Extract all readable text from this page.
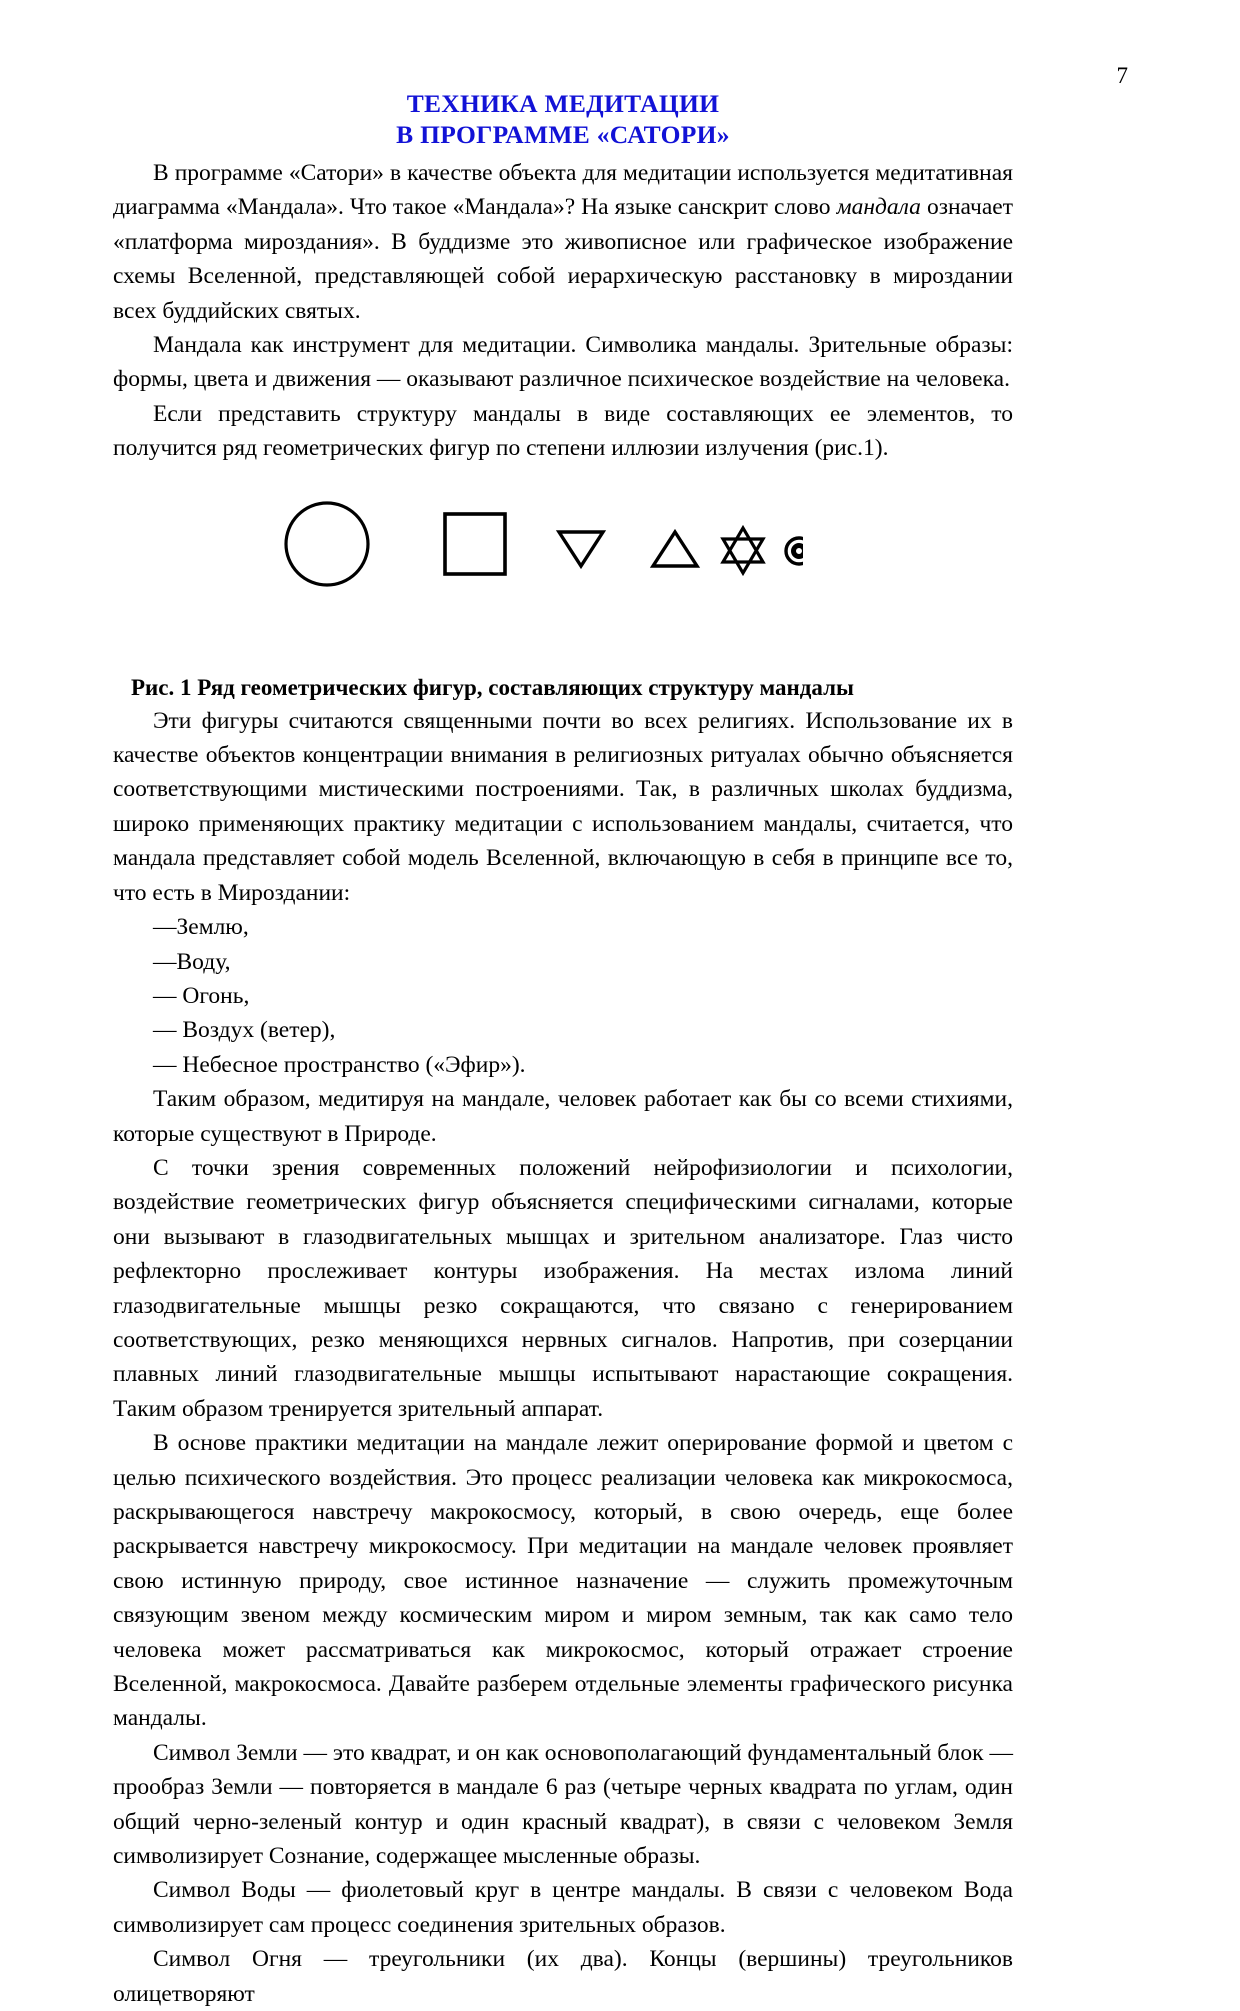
7
ТЕХНИКА МЕДИТАЦИИ
В ПРОГРАММЕ «САТОРИ»

В программе «Сатори» в качестве объекта для медитации используется медитативная диаграмма «Мандала». Что такое «Мандала»? На языке санскрит слово мандала означает «платформа мироздания». В буддизме это живописное или графическое изображение схемы Вселенной, представляющей собой иерархическую расстановку в мироздании всех буддийских святых.

Мандала как инструмент для медитации. Символика мандалы. Зрительные образы: формы, цвета и движения — оказывают различное психическое воздействие на человека.

Если представить структуру мандалы в виде составляющих ее элементов, то получится ряд геометрических фигур по степени иллюзии излучения (рис.1).

Рис. 1 Ряд геометрических фигур, составляющих структуру мандалы

Эти фигуры считаются священными почти во всех религиях. Использование их в качестве объектов концентрации внимания в религиозных ритуалах обычно объясняется соответствующими мистическими построениями. Так, в различных школах буддизма, широко применяющих практику медитации с использованием мандалы, считается, что мандала представляет собой модель Вселенной, включающую в себя в принципе все то, что есть в Мироздании:

—Землю,

—Воду,

— Огонь,

— Воздух (ветер),

— Небесное пространство («Эфир»).

Таким образом, медитируя на мандале, человек работает как бы со всеми стихиями, которые существуют в Природе.

С точки зрения современных положений нейрофизиологии и психологии, воздействие геометрических фигур объясняется специфическими сигналами, которые они вызывают в глазодвигательных мышцах и зрительном анализаторе. Глаз чисто рефлекторно прослеживает контуры изображения. На местах излома линий глазодвигательные мышцы резко сокращаются, что связано с генерированием соответствующих, резко меняющихся нервных сигналов. Напротив, при созерцании плавных линий глазодвигательные мышцы испытывают нарастающие сокращения. Таким образом тренируется зрительный аппарат.

В основе практики медитации на мандале лежит оперирование формой и цветом с целью психического воздействия. Это процесс реализации человека как микрокосмоса, раскрывающегося навстречу макрокосмосу, который, в свою очередь, еще более раскрывается навстречу микрокосмосу. При медитации на мандале человек проявляет свою истинную природу, свое истинное назначение — служить промежуточным связующим звеном между космическим миром и миром земным, так как само тело человека может рассматриваться как микрокосмос, который отражает строение Вселенной, макрокосмоса. Давайте разберем отдельные элементы графического рисунка мандалы.

Символ Земли — это квадрат, и он как основополагающий фундаментальный блок — прообраз Земли — повторяется в мандале 6 раз (четыре черных квадрата по углам, один общий черно-зеленый контур и один красный квадрат), в связи с человеком Земля символизирует Сознание, содержащее мысленные образы.

Символ Воды — фиолетовый круг в центре мандалы. В связи с человеком Вода символизирует сам процесс соединения зрительных образов.

Символ Огня — треугольники (их два). Концы (вершины) треугольников олицетворяют
